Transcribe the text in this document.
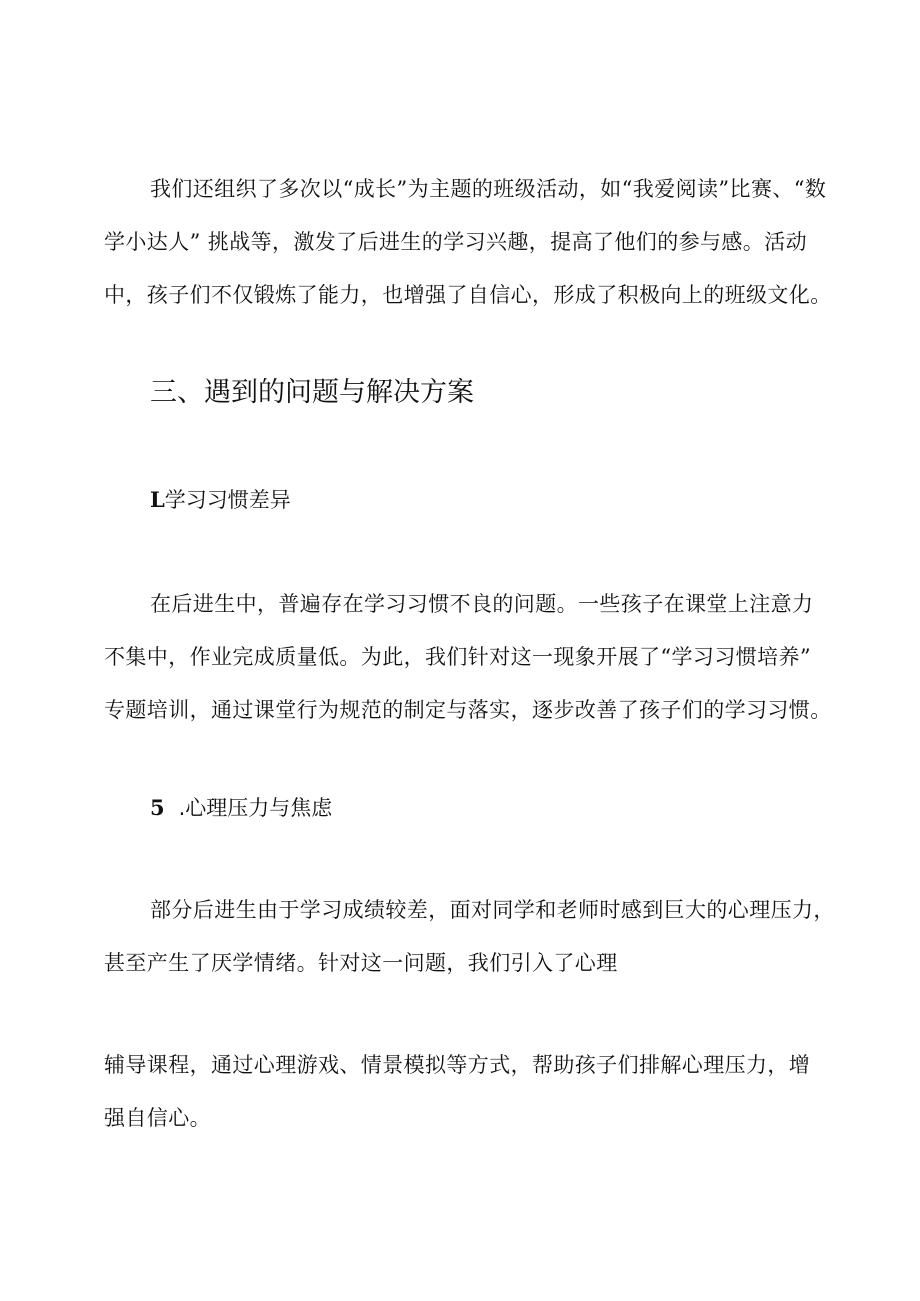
我们还组织了多次以“成长”为主题的班级活动，如“我爱阅读”比赛、“数
学小达人” 挑战等，激发了后进生的学习兴趣，提高了他们的参与感。活动
中，孩子们不仅锻炼了能力，也增强了自信心，形成了积极向上的班级文化。

三、遇到的问题与解决方案
L学习习惯差异

在后进生中，普遍存在学习习惯不良的问题。一些孩子在课堂上注意力
不集中，作业完成质量低。为此，我们针对这一现象开展了“学习习惯培养”
专题培训，通过课堂行为规范的制定与落实，逐步改善了孩子们的学习习惯。

5 .心理压力与焦虑

部分后进生由于学习成绩较差，面对同学和老师时感到巨大的心理压力，
甚至产生了厌学情绪。针对这一问题，我们引入了心理

辅导课程，通过心理游戏、情景模拟等方式，帮助孩子们排解心理压力，增
强自信心。
